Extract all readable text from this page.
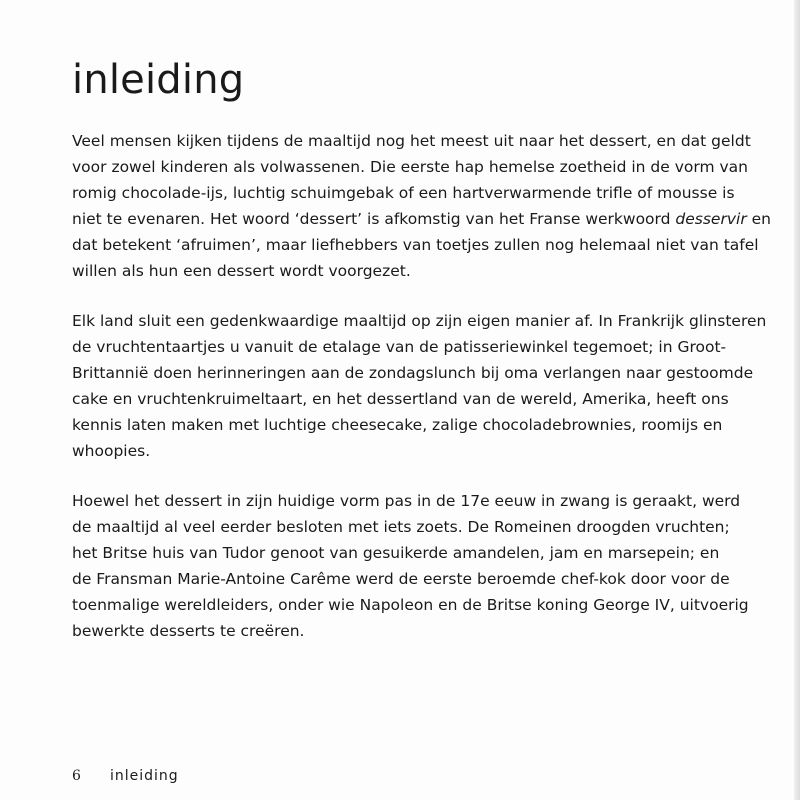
inleiding

Veel mensen kijken tijdens de maaltijd nog het meest uit naar het dessert, en dat geldt
voor zowel kinderen als volwassenen. Die eerste hap hemelse zoetheid in de vorm van
romig chocolade-ijs, luchtig schuimgebak of een hartverwarmende trifle of mousse is
niet te evenaren. Het woord ‘dessert’ is afkomstig van het Franse werkwoord desservir en
dat betekent ‘afruimen’, maar liefhebbers van toetjes zullen nog helemaal niet van tafel
willen als hun een dessert wordt voorgezet.

Elk land sluit een gedenkwaardige maaltijd op zijn eigen manier af. In Frankrijk glinsteren
de vruchtentaartjes u vanuit de etalage van de patisseriewinkel tegemoet; in Groot-
Brittannië doen herinneringen aan de zondagslunch bij oma verlangen naar gestoomde
cake en vruchtenkruimeltaart, en het dessertland van de wereld, Amerika, heeft ons
kennis laten maken met luchtige cheesecake, zalige chocoladebrownies, roomijs en
whoopies.

Hoewel het dessert in zijn huidige vorm pas in de 17e eeuw in zwang is geraakt, werd
de maaltijd al veel eerder besloten met iets zoets. De Romeinen droogden vruchten;
het Britse huis van Tudor genoot van gesuikerde amandelen, jam en marsepein; en
de Fransman Marie-Antoine Carême werd de eerste beroemde chef-kok door voor de
toenmalige wereldleiders, onder wie Napoleon en de Britse koning George IV, uitvoerig
bewerkte desserts te creëren.

6 inleiding
